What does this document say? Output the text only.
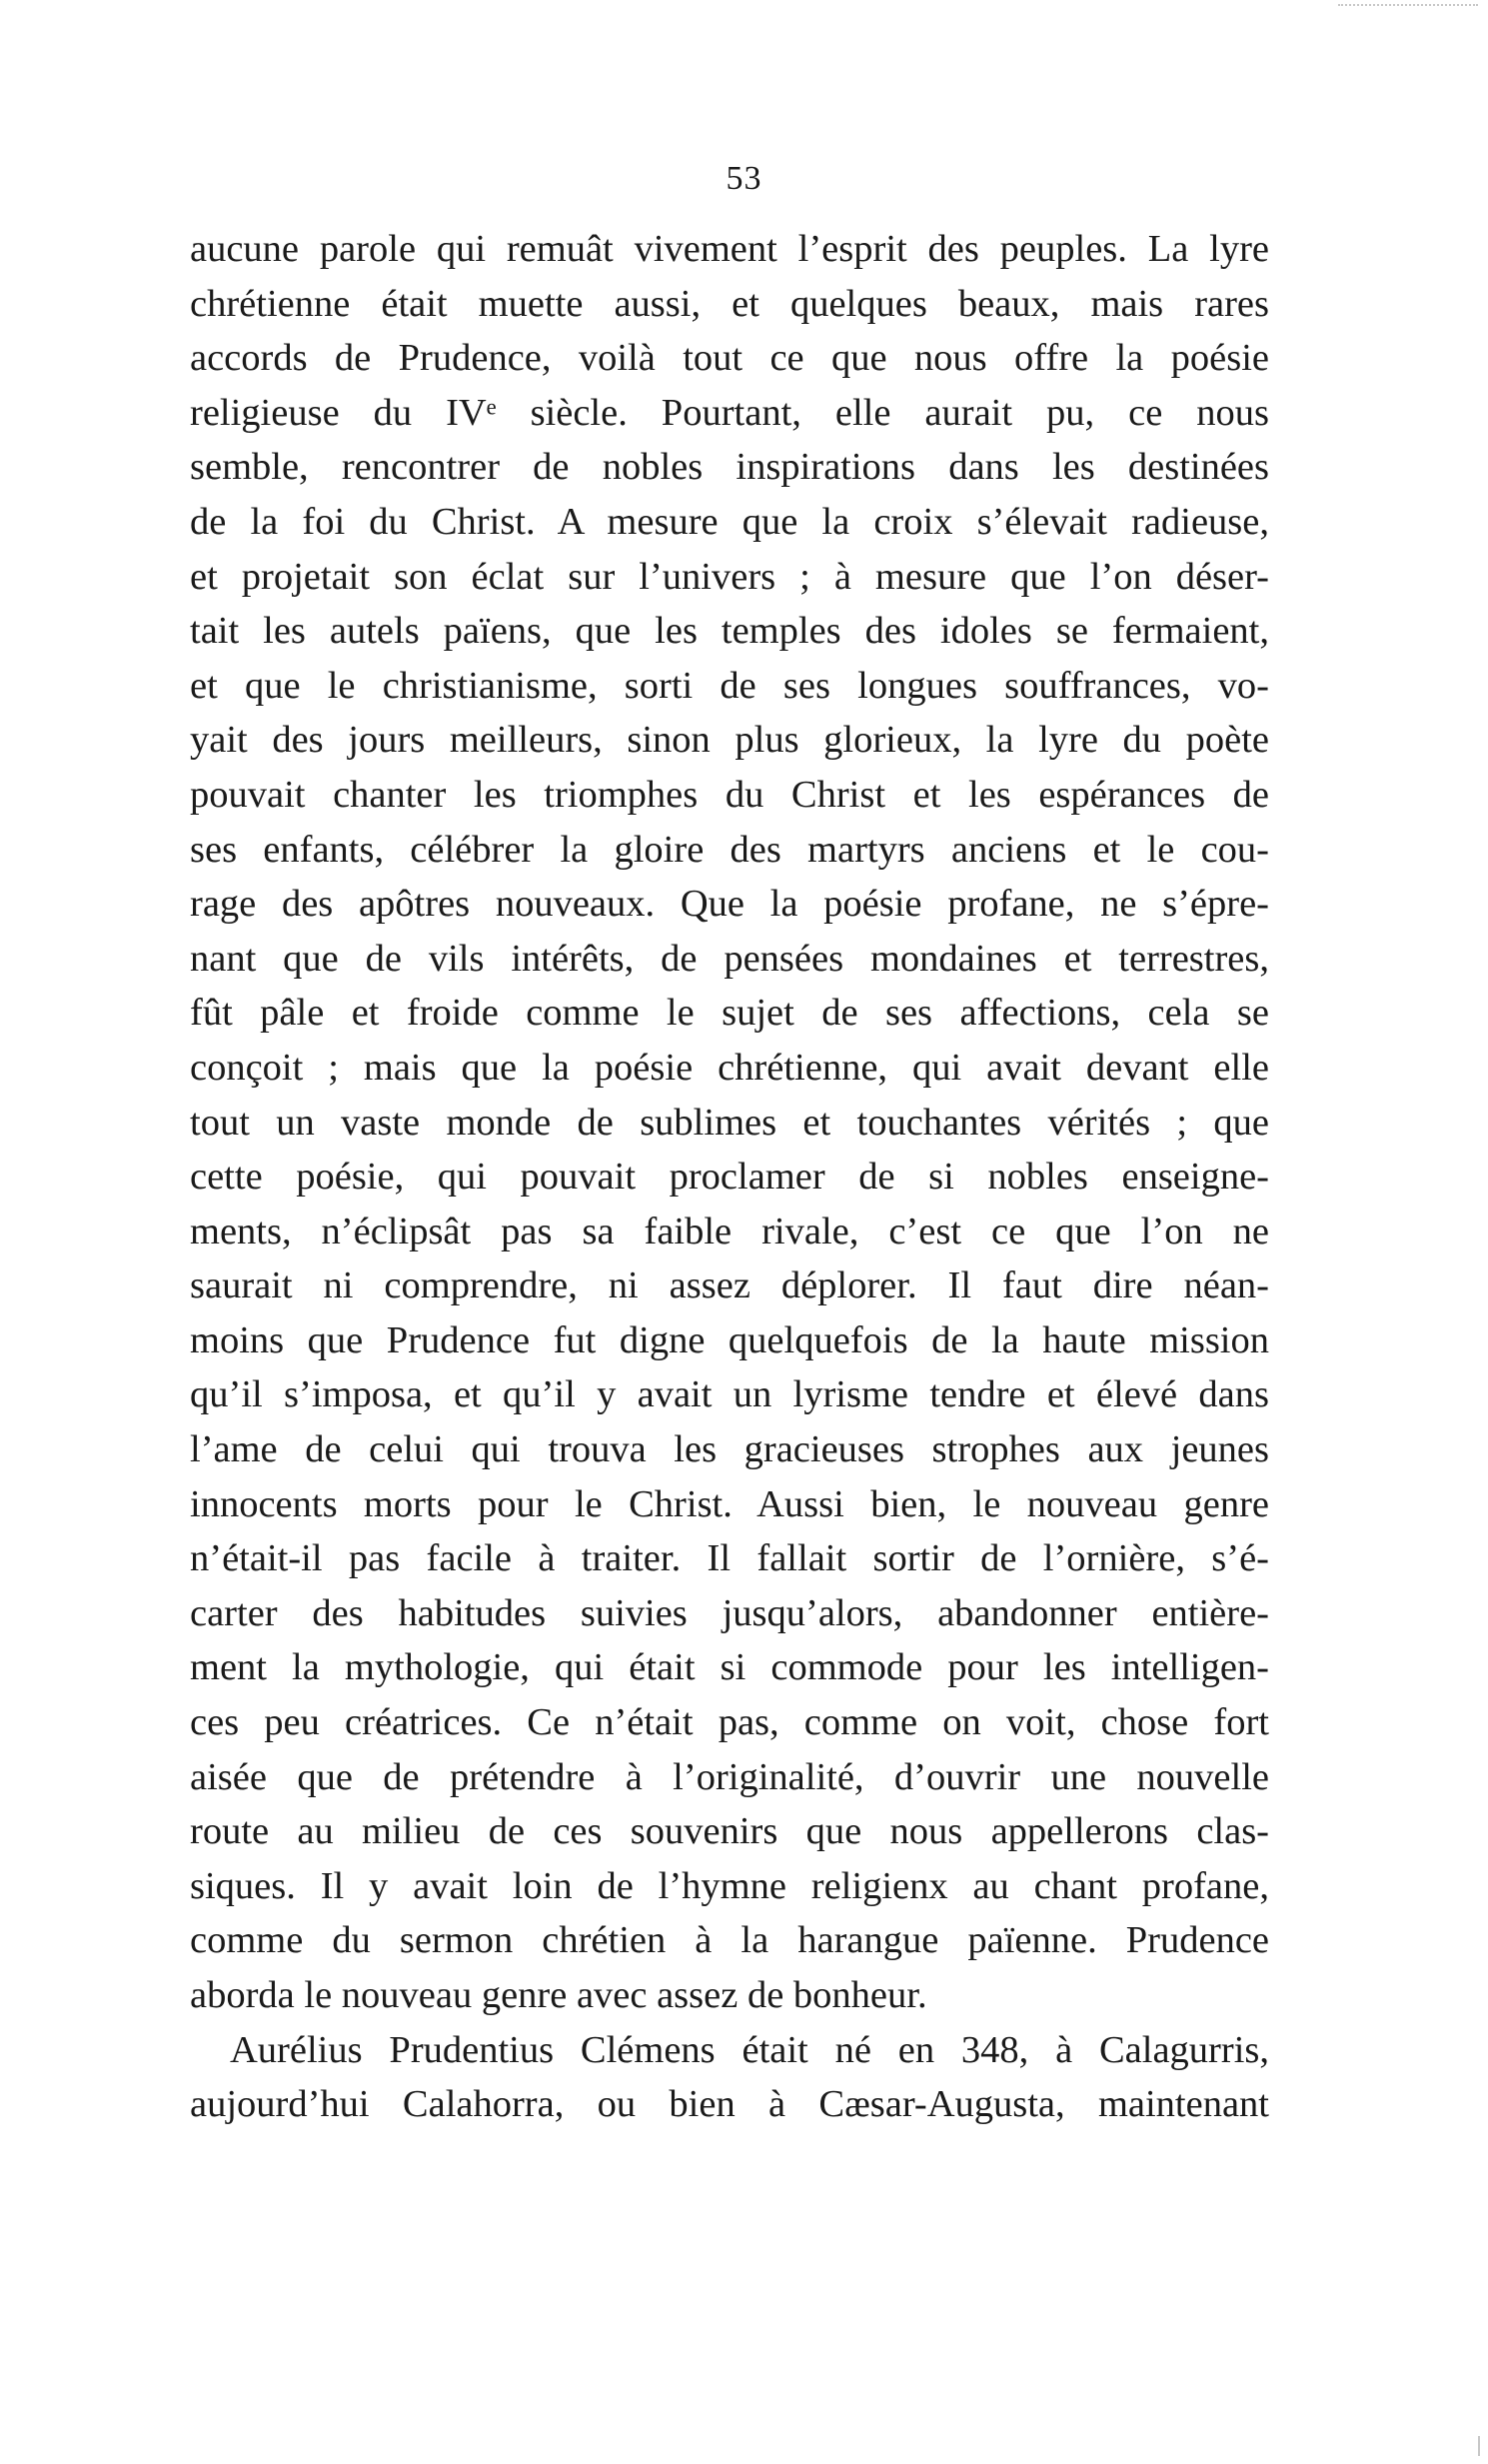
53
aucune parole qui remuât vivement l’esprit des peuples. La lyre
chrétienne était muette aussi, et quelques beaux, mais rares
accords de Prudence, voilà tout ce que nous offre la poésie
religieuse du IVᵉ siècle. Pourtant, elle aurait pu, ce nous
semble, rencontrer de nobles inspirations dans les destinées
de la foi du Christ. A mesure que la croix s’élevait radieuse,
et projetait son éclat sur l’univers ; à mesure que l’on déser-
tait les autels païens, que les temples des idoles se fermaient,
et que le christianisme, sorti de ses longues souffrances, vo-
yait des jours meilleurs, sinon plus glorieux, la lyre du poète
pouvait chanter les triomphes du Christ et les espérances de
ses enfants, célébrer la gloire des martyrs anciens et le cou-
rage des apôtres nouveaux. Que la poésie profane, ne s’épre-
nant que de vils intérêts, de pensées mondaines et terrestres,
fût pâle et froide comme le sujet de ses affections, cela se
conçoit ; mais que la poésie chrétienne, qui avait devant elle
tout un vaste monde de sublimes et touchantes vérités ; que
cette poésie, qui pouvait proclamer de si nobles enseigne-
ments, n’éclipsât pas sa faible rivale, c’est ce que l’on ne
saurait ni comprendre, ni assez déplorer. Il faut dire néan-
moins que Prudence fut digne quelquefois de la haute mission
qu’il s’imposa, et qu’il y avait un lyrisme tendre et élevé dans
l’ame de celui qui trouva les gracieuses strophes aux jeunes
innocents morts pour le Christ. Aussi bien, le nouveau genre
n’était-il pas facile à traiter. Il fallait sortir de l’ornière, s’é-
carter des habitudes suivies jusqu’alors, abandonner entière-
ment la mythologie, qui était si commode pour les intelligen-
ces peu créatrices. Ce n’était pas, comme on voit, chose fort
aisée que de prétendre à l’originalité, d’ouvrir une nouvelle
route au milieu de ces souvenirs que nous appellerons clas-
siques. Il y avait loin de l’hymne religienx au chant profane,
comme du sermon chrétien à la harangue païenne. Prudence
aborda le nouveau genre avec assez de bonheur.
Aurélius Prudentius Clémens était né en 348, à Calagurris,
aujourd’hui Calahorra, ou bien à Cæsar-Augusta, maintenant
